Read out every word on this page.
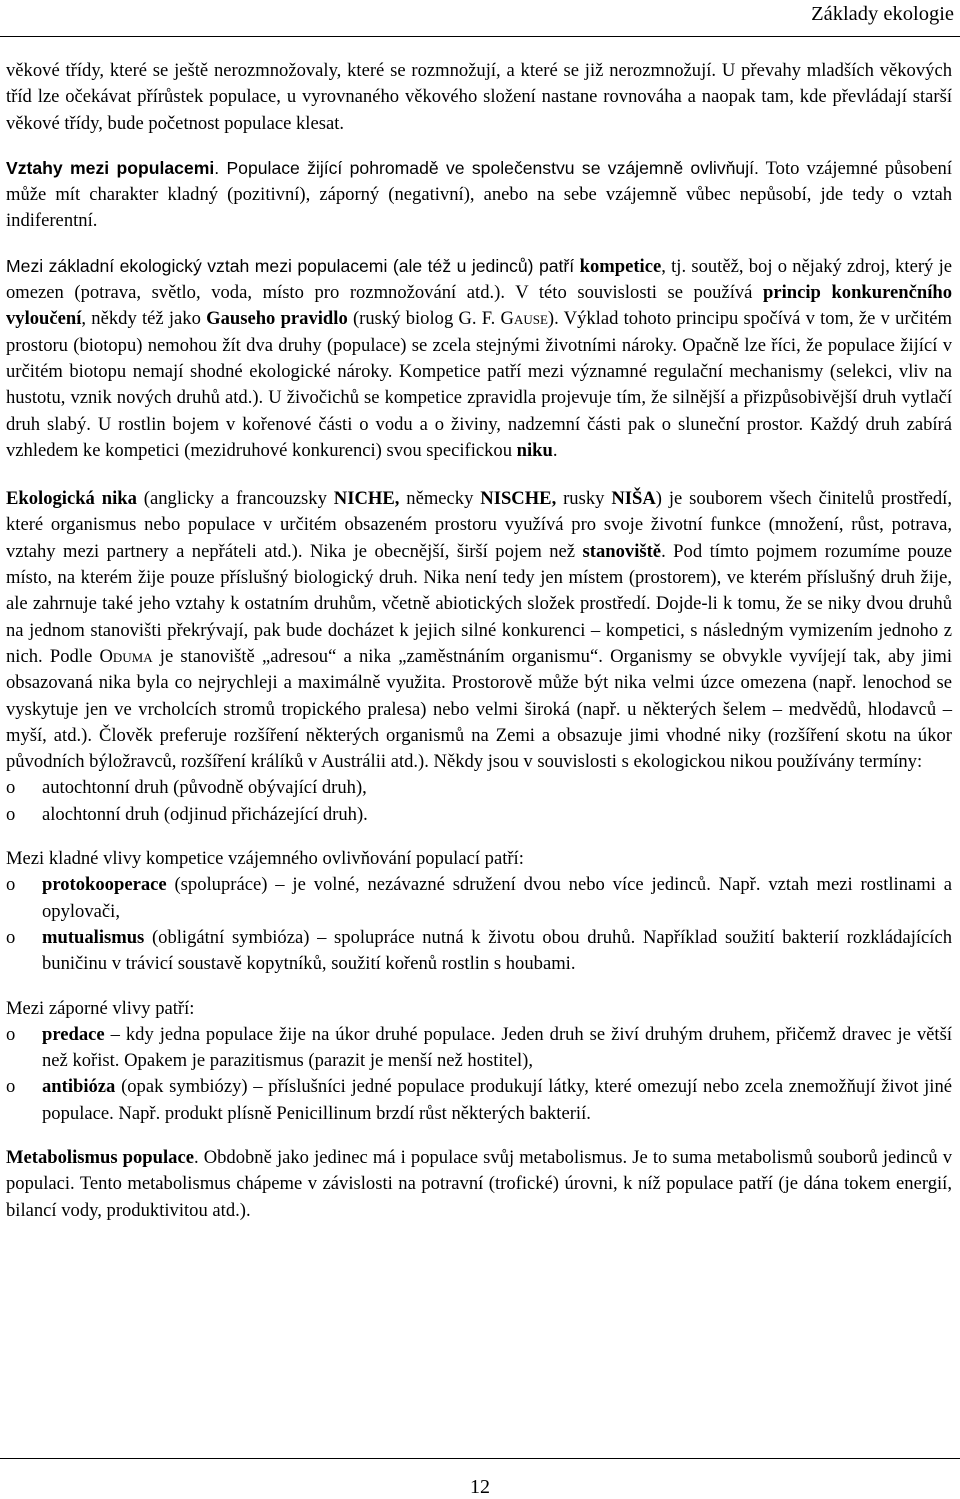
Základy ekologie

věkové třídy, které se ještě nerozmnožovaly, které se rozmnožují, a které se již nerozmnožují. U převahy mladších věkových tříd lze očekávat přírůstek populace, u vyrovnaného věkového složení nastane rovnováha a naopak tam, kde převládají starší věkové třídy, bude početnost populace klesat.

Vztahy mezi populacemi. Populace žijící pohromadě ve společenstvu se vzájemně ovlivňují. Toto vzájemné působení může mít charakter kladný (pozitivní), záporný (negativní), anebo na sebe vzájemně vůbec nepůsobí, jde tedy o vztah indiferentní.

Mezi základní ekologický vztah mezi populacemi (ale též u jedinců) patří kompetice, tj. soutěž, boj o nějaký zdroj, který je omezen (potrava, světlo, voda, místo pro rozmnožování atd.). V této souvislosti se používá princip konkurenčního vyloučení, někdy též jako Gauseho pravidlo (ruský biolog G. F. Gause). Výklad tohoto principu spočívá v tom, že v určitém prostoru (biotopu) nemohou žít dva druhy (populace) se zcela stejnými životními nároky. Opačně lze říci, že populace žijící v určitém biotopu nemají shodné ekologické nároky. Kompetice patří mezi významné regulační mechanismy (selekci, vliv na hustotu, vznik nových druhů atd.). U živočichů se kompetice zpravidla projevuje tím, že silnější a přizpůsobivější druh vytlačí druh slabý. U rostlin bojem v kořenové části o vodu a o živiny, nadzemní části pak o sluneční prostor. Každý druh zabírá vzhledem ke kompetici (mezidruhové konkurenci) svou specifickou niku.

Ekologická nika (anglicky a francouzsky NICHE, německy NISCHE, rusky NIŠA) je souborem všech činitelů prostředí, které organismus nebo populace v určitém obsazeném prostoru využívá pro svoje životní funkce (množení, růst, potrava, vztahy mezi partnery a nepřáteli atd.). Nika je obecnější, širší pojem než stanoviště. Pod tímto pojmem rozumíme pouze místo, na kterém žije pouze příslušný biologický druh. Nika není tedy jen místem (prostorem), ve kterém příslušný druh žije, ale zahrnuje také jeho vztahy k ostatním druhům, včetně abiotických složek prostředí. Dojde-li k tomu, že se niky dvou druhů na jednom stanovišti překrývají, pak bude docházet k jejich silné konkurenci – kompetici, s následným vymizením jednoho z nich. Podle Oduma je stanoviště „adresou“ a nika „zaměstnáním organismu“. Organismy se obvykle vyvíjejí tak, aby jimi obsazovaná nika byla co nejrychleji a maximálně využita. Prostorově může být nika velmi úzce omezena (např. lenochod se vyskytuje jen ve vrcholcích stromů tropického pralesa) nebo velmi široká (např. u některých šelem – medvědů, hlodavců – myší, atd.). Člověk preferuje rozšíření některých organismů na Zemi a obsazuje jimi vhodné niky (rozšíření skotu na úkor původních býložravců, rozšíření králíků v Austrálii atd.). Někdy jsou v souvislosti s ekologickou nikou používány termíny:

o autochtonní druh (původně obývající druh),
o alochtonní druh (odjinud přicházející druh).

Mezi kladné vlivy kompetice vzájemného ovlivňování populací patří:

o protokooperace (spolupráce) – je volné, nezávazné sdružení dvou nebo více jedinců. Např. vztah mezi rostlinami a opylovači,
o mutualismus (obligátní symbióza) – spolupráce nutná k životu obou druhů. Například soužití bakterií rozkládajících buničinu v trávicí soustavě kopytníků, soužití kořenů rostlin s houbami.

Mezi záporné vlivy patří:

o predace – kdy jedna populace žije na úkor druhé populace. Jeden druh se živí druhým druhem, přičemž dravec je větší než kořist. Opakem je parazitismus (parazit je menší než hostitel),
o antibióza (opak symbiózy) – příslušníci jedné populace produkují látky, které omezují nebo zcela znemožňují život jiné populace. Např. produkt plísně Penicillinum brzdí růst některých bakterií.

Metabolismus populace. Obdobně jako jedinec má i populace svůj metabolismus. Je to suma metabolismů souborů jedinců v populaci. Tento metabolismus chápeme v závislosti na potravní (trofické) úrovni, k níž populace patří (je dána tokem energií, bilancí vody, produktivitou atd.).

12
